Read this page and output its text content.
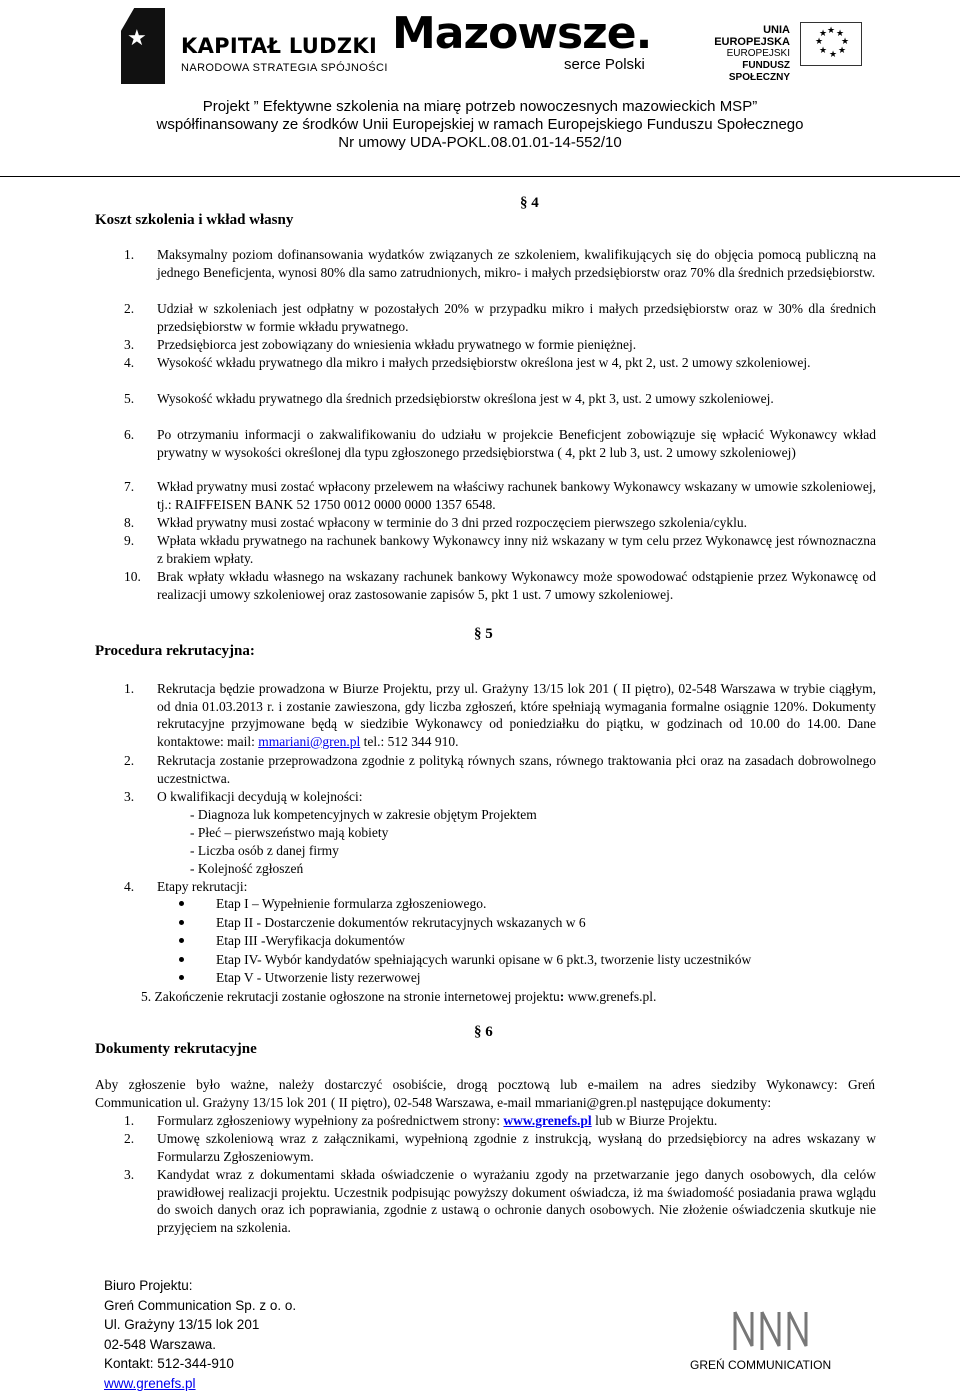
★ KAPITAŁ LUDZKI
NARODOWA STRATEGIA SPÓJNOŚCI
Mazowsze.
serce Polski
UNIA EUROPEJSKA
EUROPEJSKI
FUNDUSZ SPOŁECZNY
★ ★
★
★
★
★
★
★
Projekt ” Efektywne szkolenia na miarę potrzeb nowoczesnych mazowieckich MSP”
współfinansowany ze środków Unii Europejskiej w ramach Europejskiego Funduszu Społecznego
Nr umowy UDA-POKL.08.01.01-14-552/10
Koszt szkolenia i wkład własny
§ 4
1. Maksymalny poziom dofinansowania wydatków związanych ze szkoleniem, kwalifikujących się do objęcia pomocą publiczną na jednego Beneficjenta, wynosi 80% dla samo zatrudnionych, mikro- i małych przedsiębiorstw oraz 70% dla średnich przedsiębiorstw.
2. Udział w szkoleniach jest odpłatny w pozostałych 20% w przypadku mikro i małych przedsiębiorstw oraz w 30% dla średnich przedsiębiorstw w formie wkładu prywatnego.
3. Przedsiębiorca jest zobowiązany do wniesienia wkładu prywatnego w formie pieniężnej.
4. Wysokość wkładu prywatnego dla mikro i małych przedsiębiorstw określona jest w 4, pkt 2, ust. 2 umowy szkoleniowej.
5. Wysokość wkładu prywatnego dla średnich przedsiębiorstw określona jest w 4, pkt 3, ust. 2 umowy szkoleniowej.
6. Po otrzymaniu informacji o zakwalifikowaniu do udziału w projekcie Beneficjent zobowiązuje się wpłacić Wykonawcy wkład prywatny w wysokości określonej dla typu zgłoszonego przedsiębiorstwa ( 4, pkt 2 lub 3, ust. 2 umowy szkoleniowej)
7. Wkład prywatny musi zostać wpłacony przelewem na właściwy rachunek bankowy Wykonawcy wskazany w umowie szkoleniowej, tj.: RAIFFEISEN BANK 52 1750 0012 0000 0000 1357 6548.
8. Wkład prywatny musi zostać wpłacony w terminie do 3 dni przed rozpoczęciem pierwszego szkolenia/cyklu.
9. Wpłata wkładu prywatnego na rachunek bankowy Wykonawcy inny niż wskazany w tym celu przez Wykonawcę jest równoznaczna z brakiem wpłaty.
10. Brak wpłaty wkładu własnego na wskazany rachunek bankowy Wykonawcy może spowodować odstąpienie przez Wykonawcę od realizacji umowy szkoleniowej oraz zastosowanie zapisów 5, pkt 1 ust. 7 umowy szkoleniowej.
Procedura rekrutacyjna:
§ 5
1. Rekrutacja będzie prowadzona w Biurze Projektu, przy ul. Grażyny 13/15 lok 201 ( II piętro), 02-548 Warszawa w trybie ciągłym, od dnia 01.03.2013 r. i zostanie zawieszona, gdy liczba zgłoszeń, które spełniają wymagania formalne osiągnie 120%. Dokumenty rekrutacyjne przyjmowane będą w siedzibie Wykonawcy od poniedziałku do piątku, w godzinach od 10.00 do 14.00. Dane kontaktowe: mail: mmariani@gren.pl tel.: 512 344 910.
2. Rekrutacja zostanie przeprowadzona zgodnie z polityką równych szans, równego traktowania płci oraz na zasadach dobrowolnego uczestnictwa.
3. O kwalifikacji decydują w kolejności:
- Diagnoza luk kompetencyjnych w zakresie objętym Projektem
- Płeć – pierwszeństwo mają kobiety
- Liczba osób z danej firmy
- Kolejność zgłoszeń
4. Etapy rekrutacji:
Etap I – Wypełnienie formularza zgłoszeniowego.
Etap II - Dostarczenie dokumentów rekrutacyjnych wskazanych w 6
Etap III -Weryfikacja dokumentów
Etap IV- Wybór kandydatów spełniających warunki opisane w 6 pkt.3, tworzenie listy uczestników
Etap V - Utworzenie listy rezerwowej
5. Zakończenie rekrutacji zostanie ogłoszone na stronie internetowej projektu: www.grenefs.pl.
Dokumenty rekrutacyjne
§ 6
Aby zgłoszenie było ważne, należy dostarczyć osobiście, drogą pocztową lub e-mailem na adres siedziby Wykonawcy: Greń
Communication ul. Grażyny 13/15 lok 201 ( II piętro), 02-548 Warszawa, e-mail mmariani@gren.pl następujące dokumenty:
1. Formularz zgłoszeniowy wypełniony za pośrednictwem strony: www.grenefs.pl lub w Biurze Projektu.
2. Umowę szkoleniową wraz z załącznikami, wypełnioną zgodnie z instrukcją, wysłaną do przedsiębiorcy na adres wskazany w Formularzu Zgłoszeniowym.
3. Kandydat wraz z dokumentami składa oświadczenie o wyrażaniu zgody na przetwarzanie jego danych osobowych, dla celów prawidłowej realizacji projektu. Uczestnik podpisując powyższy dokument oświadcza, iż ma świadomość posiadania prawa wglądu do swoich danych oraz ich poprawiania, zgodnie z ustawą o ochronie danych osobowych. Nie złożenie oświadczenia skutkuje nie przyjęciem na szkolenia.
Biuro Projektu:
Greń Communication Sp. z o. o.
Ul. Grażyny 13/15 lok 201
02-548 Warszawa.
Kontakt: 512-344-910
www.grenefs.pl
GREŃ COMMUNICATION
